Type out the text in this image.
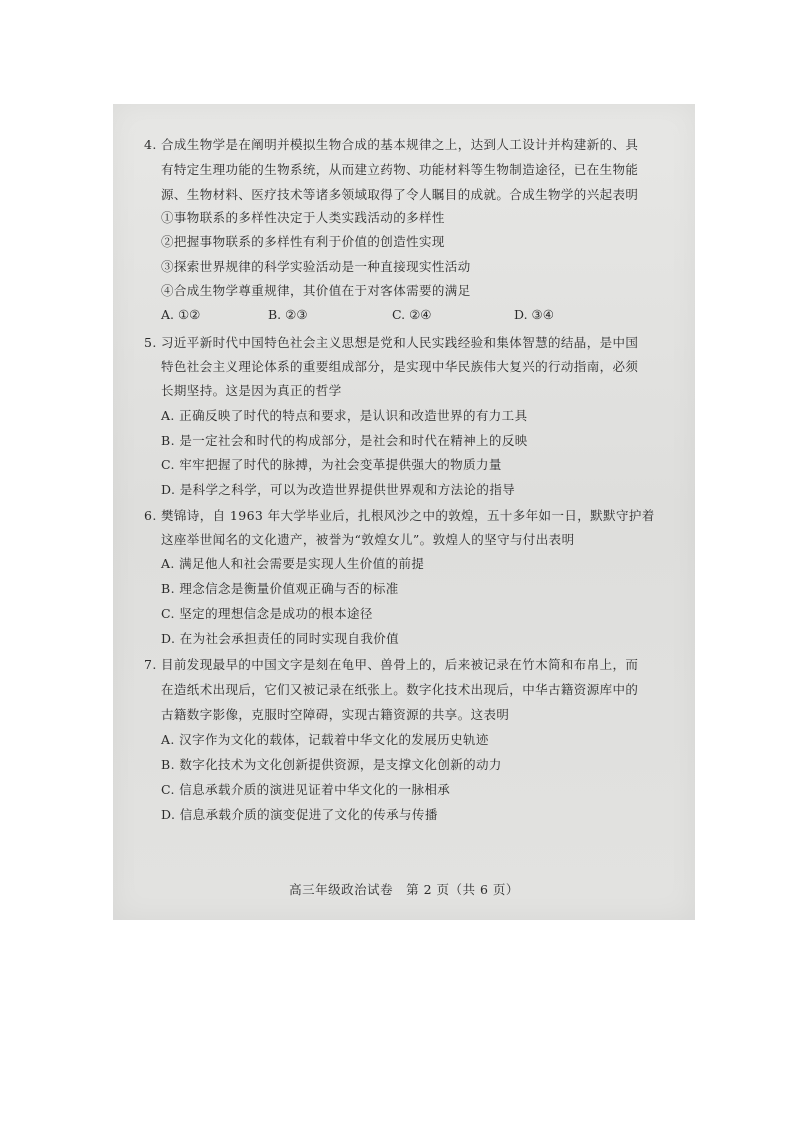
4. 合成生物学是在阐明并模拟生物合成的基本规律之上，达到人工设计并构建新的、具
有特定生理功能的生物系统，从而建立药物、功能材料等生物制造途径，已在生物能
源、生物材料、医疗技术等诸多领域取得了令人瞩目的成就。合成生物学的兴起表明
①事物联系的多样性决定于人类实践活动的多样性
②把握事物联系的多样性有利于价值的创造性实现
③探索世界规律的科学实验活动是一种直接现实性活动
④合成生物学尊重规律，其价值在于对客体需要的满足
A. ①②	B. ②③	C. ②④	D. ③④
5. 习近平新时代中国特色社会主义思想是党和人民实践经验和集体智慧的结晶，是中国
特色社会主义理论体系的重要组成部分，是实现中华民族伟大复兴的行动指南，必须
长期坚持。这是因为真正的哲学
A. 正确反映了时代的特点和要求，是认识和改造世界的有力工具
B. 是一定社会和时代的构成部分，是社会和时代在精神上的反映
C. 牢牢把握了时代的脉搏，为社会变革提供强大的物质力量
D. 是科学之科学，可以为改造世界提供世界观和方法论的指导
6. 樊锦诗，自 1963 年大学毕业后，扎根风沙之中的敦煌，五十多年如一日，默默守护着
这座举世闻名的文化遗产，被誉为“敦煌女儿”。敦煌人的坚守与付出表明
A. 满足他人和社会需要是实现人生价值的前提
B. 理念信念是衡量价值观正确与否的标准
C. 坚定的理想信念是成功的根本途径
D. 在为社会承担责任的同时实现自我价值
7. 目前发现最早的中国文字是刻在龟甲、兽骨上的，后来被记录在竹木简和布帛上，而
在造纸术出现后，它们又被记录在纸张上。数字化技术出现后，中华古籍资源库中的
古籍数字影像，克服时空障碍，实现古籍资源的共享。这表明
A. 汉字作为文化的载体，记载着中华文化的发展历史轨迹
B. 数字化技术为文化创新提供资源，是支撑文化创新的动力
C. 信息承载介质的演进见证着中华文化的一脉相承
D. 信息承载介质的演变促进了文化的传承与传播
高三年级政治试卷　第 2 页（共 6 页）
